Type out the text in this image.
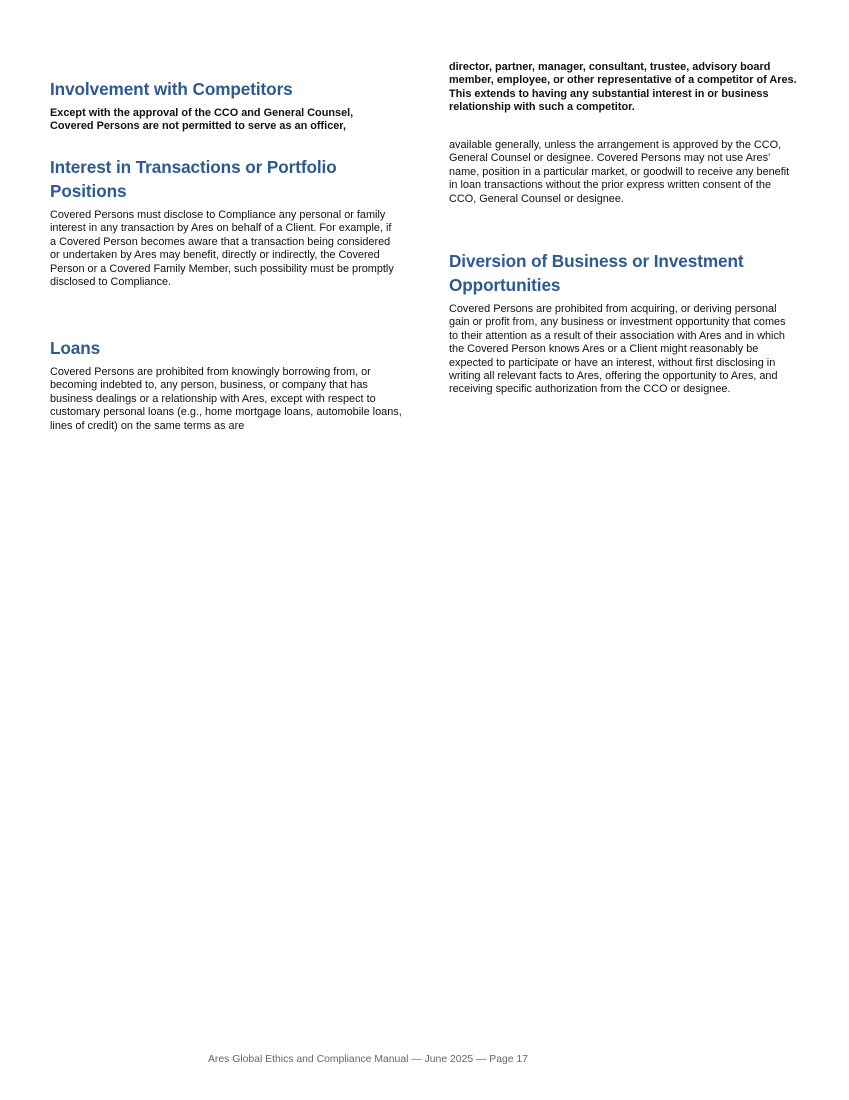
Involvement with Competitors

Except with the approval of the CCO and General Counsel, Covered Persons are not permitted to serve as an officer,

Interest in Transactions or Portfolio Positions

Covered Persons must disclose to Compliance any personal or family interest in any transaction by Ares on behalf of a Client. For example, if a Covered Person becomes aware that a transaction being considered or undertaken by Ares may benefit, directly or indirectly, the Covered Person or a Covered Family Member, such possibility must be promptly disclosed to Compliance.

Loans

Covered Persons are prohibited from knowingly borrowing from, or becoming indebted to, any person, business, or company that has business dealings or a relationship with Ares, except with respect to customary personal loans (e.g., home mortgage loans, automobile loans, lines of credit) on the same terms as are

director, partner, manager, consultant, trustee, advisory board member, employee, or other representative of a competitor of Ares. This extends to having any substantial interest in or business relationship with such a competitor.

available generally, unless the arrangement is approved by the CCO, General Counsel or designee. Covered Persons may not use Ares’ name, position in a particular market, or goodwill to receive any benefit in loan transactions without the prior express written consent of the CCO, General Counsel or designee.

Diversion of Business or Investment Opportunities

Covered Persons are prohibited from acquiring, or deriving personal gain or profit from, any business or investment opportunity that comes to their attention as a result of their association with Ares and in which the Covered Person knows Ares or a Client might reasonably be expected to participate or have an interest, without first disclosing in writing all relevant facts to Ares, offering the opportunity to Ares, and receiving specific authorization from the CCO or designee.

Ares Global Ethics and Compliance Manual — June 2025 — Page 17
